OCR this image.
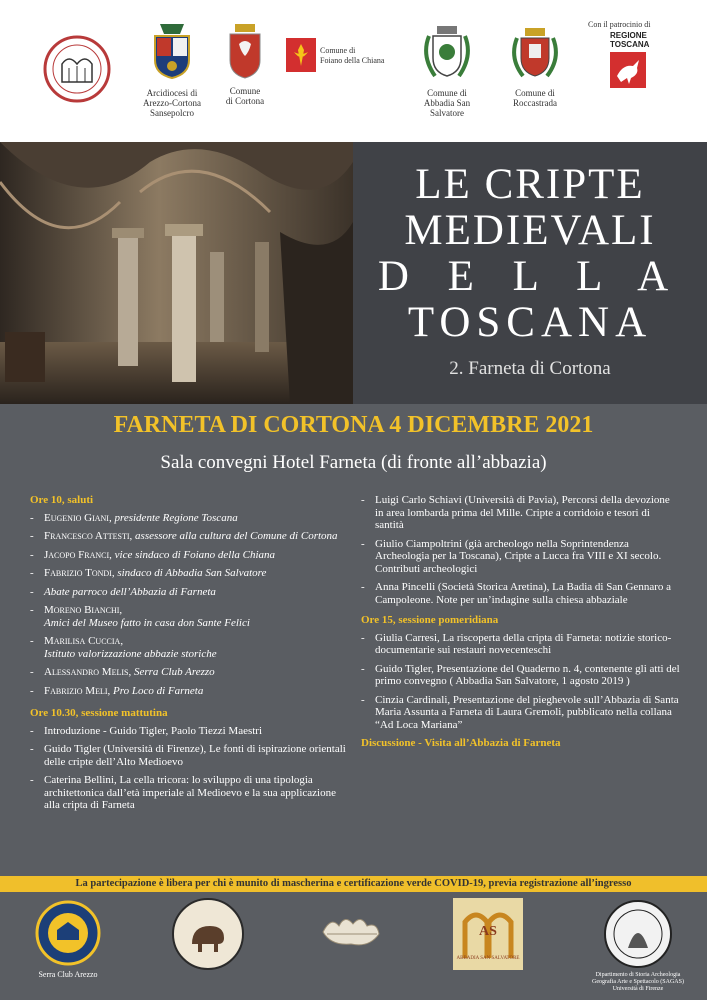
Arcidiocesi di
Arezzo-Cortona
Sansepolcro
Comune
di Cortona
Comune di
Foiano della Chiana
Comune di
Abbadia San
Salvatore
Comune di
Roccastrada
Con il patrocinio di
REGIONE
TOSCANA
LE CRIPTE
MEDIEVALI
D E L L A
TOSCANA
2. Farneta di Cortona
FARNETA DI CORTONA 4 DICEMBRE 2021
Sala convegni Hotel Farneta (di fronte all’abbazia)
Ore 10, saluti
- Eugenio Giani, presidente Regione Toscana
- Francesco Attesti, assessore alla cultura del Comune di Cortona
- Jacopo Franci, vice sindaco di Foiano della Chiana
- Fabrizio Tondi, sindaco di Abbadia San Salvatore
- Abate parroco dell’Abbazia di Farneta
- Moreno Bianchi,
Amici del Museo fatto in casa don Sante Felici
- Marilisa Cuccia,
Istituto valorizzazione abbazie storiche
- Alessandro Melis, Serra Club Arezzo
- Fabrizio Meli, Pro Loco di Farneta
Ore 10.30, sessione mattutina
- Introduzione - Guido Tigler, Paolo Tiezzi Maestri
- Guido Tigler (Università di Firenze), Le fonti di ispirazione orientali delle cripte dell’Alto Medioevo
- Caterina Bellini, La cella tricora: lo sviluppo di una tipologia architettonica dall’età imperiale al Medioevo e la sua applicazione alla cripta di Farneta
- Luigi Carlo Schiavi (Università di Pavia), Percorsi della devozione in area lombarda prima del Mille. Cripte a corridoio e tesori di santità
- Giulio Ciampoltrini (già archeologo nella Soprintendenza Archeologia per la Toscana), Cripte a Lucca fra VIII e XI secolo. Contributi archeologici
- Anna Pincelli (Società Storica Aretina), La Badia di San Gennaro a Campoleone. Note per un’indagine sulla chiesa abbaziale
Ore 15, sessione pomeridiana
- Giulia Carresi, La riscoperta della cripta di Farneta: notizie storico-documentarie sui restauri novecenteschi
- Guido Tigler, Presentazione del Quaderno n. 4, contenente gli atti del primo convegno ( Abbadia San Salvatore, 1 agosto 2019 )
- Cinzia Cardinali, Presentazione del pieghevole sull’Abbazia di Santa Maria Assunta a Farneta di Laura Gremoli, pubblicato nella collana “Ad Loca Mariana”
Discussione - Visita all’Abbazia di Farneta
La partecipazione è libera per chi è munito di mascherina e certificazione verde COVID-19, previa registrazione all’ingresso
Serra Club Arezzo
AS
ABBADIA SAN SALVATORE
Dipartimento di Storia Archeologia Geografia Arte e Spettacolo (SAGAS) Università di Firenze
